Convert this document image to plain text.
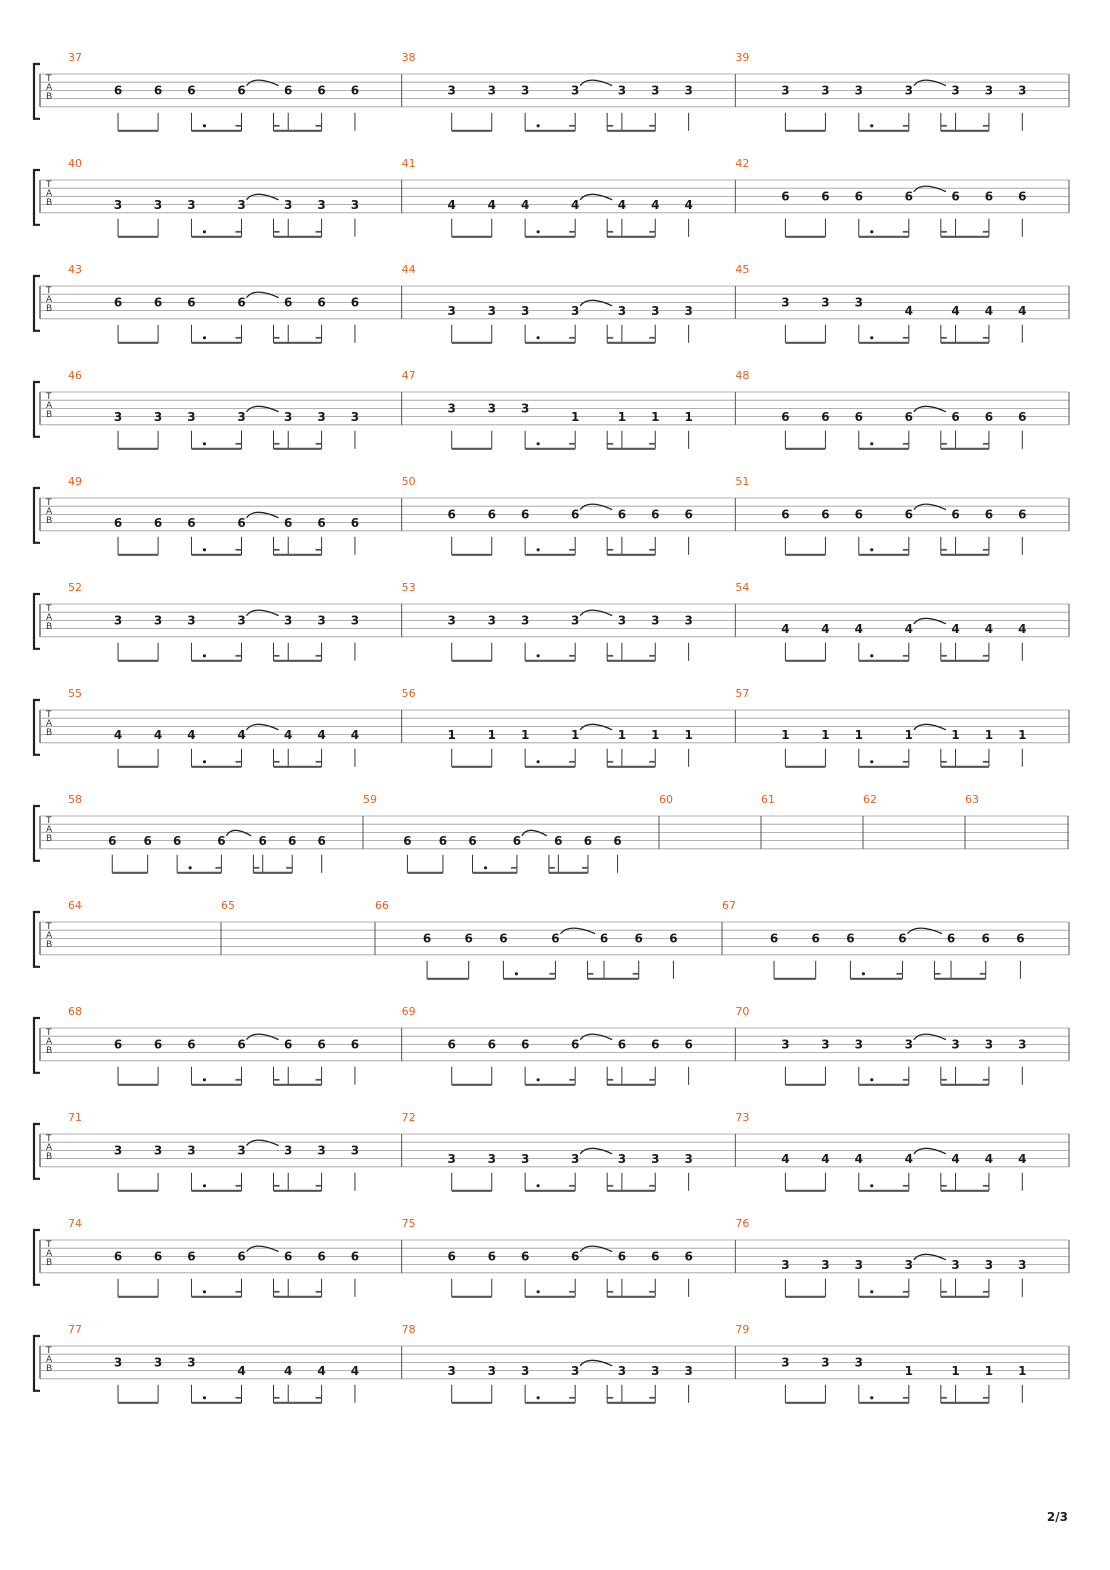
T
A
B
37
6	6 6	6	6 6 6
38
3	3 3	3	3 3 3
39
3	3 3	3	3 3 3
T
A
B
40
3	3 3	3	3 3 3
41
4	4 4	4	4 4 4
42
6	6 6	6	6 6 6
T
A
B
43
6	6 6	6	6 6 6
44
3	3 3	3	3 3 3
45
3	3 3
4	4 4 4
T
A
B
46
3	3 3	3	3 3 3
47
3	3 3
1	1 1 1
48
6	6 6	6	6 6 6
T
A
B
49
6	6 6	6	6 6 6
50
6	6 6	6	6 6 6
51
6	6 6	6	6 6 6
T
A
B
52
3	3 3	3	3 3 3
53
3	3 3	3	3 3 3
54
4	4 4	4	4 4 4
T
A
B
55
4	4 4	4	4 4 4
56
1	1 1	1	1 1 1
57
1	1 1	1	1 1 1
T
A
B
58
6 6 6	6	6 6 6
59
6 6 6	6	6 6 6
60	61	62	63
T
A
B
64	65	66
6	6 6	6	6 6 6
67
6	6 6	6	6 6 6
T
A
B
68
6	6 6	6	6 6 6
69
6	6 6	6	6 6 6
70
3	3 3	3	3 3 3
T
A
B
71
3	3 3	3	3 3 3
72
3	3 3	3	3 3 3
73
4	4 4	4	4 4 4
T
A
B
74
6	6 6	6	6 6 6
75
6	6 6	6	6 6 6
76
3	3 3	3	3 3 3
T
A
B
77
3	3 3
4	4 4 4
78
3	3 3	3	3 3 3
79
3	3 3
1	1 1 1
2/3
